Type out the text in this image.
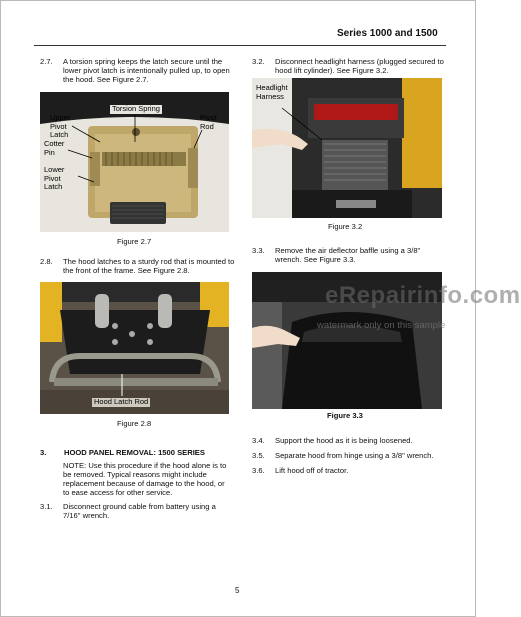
Series 1000 and 1500
2.7. A torsion spring keeps the latch secure until the lower pivot latch is intentionally pulled up, to open the hood. See Figure 2.7.
Torsion Spring
Upper Pivot Latch
Cotter Pin
Pivot Rod
Lower Pivot Latch
Figure 2.7
2.8. The hood latches to a sturdy rod that is mounted to the front of the frame. See Figure 2.8.
Hood Latch Rod
Figure 2.8
3. HOOD PANEL REMOVAL: 1500 SERIES
NOTE: Use this procedure if the hood alone is to be removed. Typical reasons might include replacement because of damage to the hood, or to ease access for other service.
3.1. Disconnect ground cable from battery using a 7/16" wrench.
3.2. Disconnect headlight harness (plugged secured to hood lift cylinder). See Figure 3.2.
Headlight Harness
Figure 3.2
3.3. Remove the air deflector baffle using a 3/8" wrench. See Figure 3.3.
Figure 3.3
3.4. Support the hood as it is being loosened.
3.5. Separate hood from hinge using a 3/8" wrench.
3.6. Lift hood off of tractor.
eRepairinfo.com
watermark only on this sample
5
